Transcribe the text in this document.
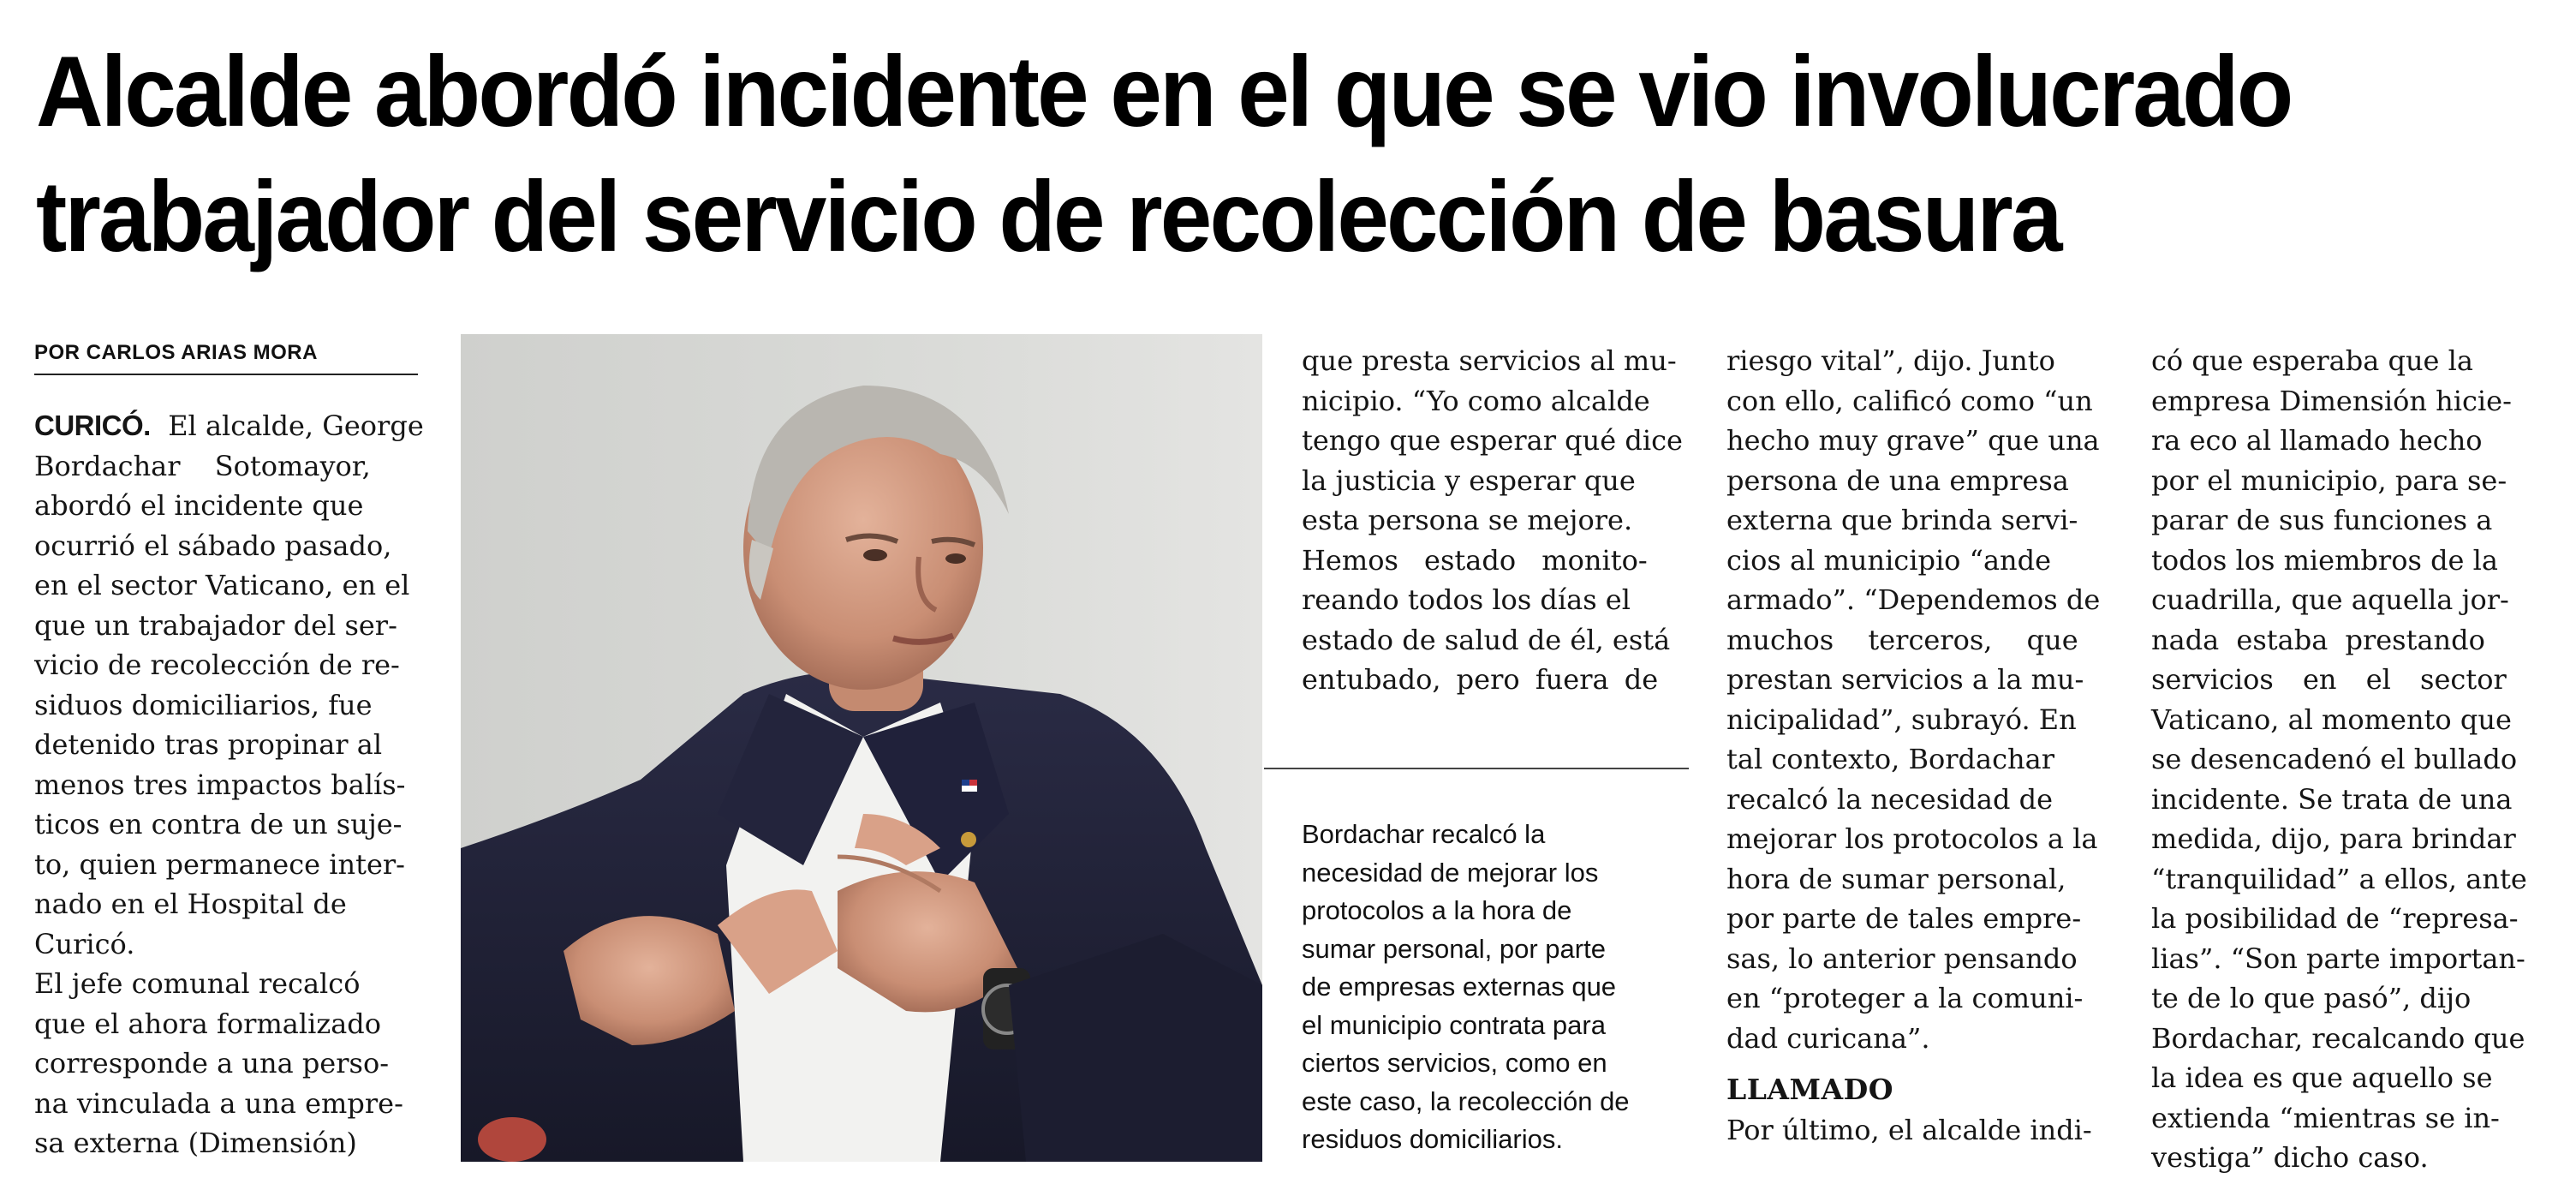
Alcalde abordó incidente en el que se vio involucrado
trabajador del servicio de recolección de basura
POR CARLOS ARIAS MORA
CURICÓ. El alcalde, George
Bordachar Sotomayor,
abordó el incidente que
ocurrió el sábado pasado,
en el sector Vaticano, en el
que un trabajador del ser-
vicio de recolección de re-
siduos domiciliarios, fue
detenido tras propinar al
menos tres impactos balís-
ticos en contra de un suje-
to, quien permanece inter-
nado en el Hospital de
Curicó.
El jefe comunal recalcó
que el ahora formalizado
corresponde a una perso-
na vinculada a una empre-
sa externa (Dimensión)
que presta servicios al mu-
nicipio. “Yo como alcalde
tengo que esperar qué dice
la justicia y esperar que
esta persona se mejore.
Hemos estado monito-
reando todos los días el
estado de salud de él, está
entubado, pero fuera de
Bordachar recalcó la
necesidad de mejorar los
protocolos a la hora de
sumar personal, por parte
de empresas externas que
el municipio contrata para
ciertos servicios, como en
este caso, la recolección de
residuos domiciliarios.
riesgo vital”, dijo. Junto
con ello, calificó como “un
hecho muy grave” que una
persona de una empresa
externa que brinda servi-
cios al municipio “ande
armado”. “Dependemos de
muchos terceros, que
prestan servicios a la mu-
nicipalidad”, subrayó. En
tal contexto, Bordachar
recalcó la necesidad de
mejorar los protocolos a la
hora de sumar personal,
por parte de tales empre-
sas, lo anterior pensando
en “proteger a la comuni-
dad curicana”.
LLAMADO
Por último, el alcalde indi-
có que esperaba que la
empresa Dimensión hicie-
ra eco al llamado hecho
por el municipio, para se-
parar de sus funciones a
todos los miembros de la
cuadrilla, que aquella jor-
nada estaba prestando
servicios en el sector
Vaticano, al momento que
se desencadenó el bullado
incidente. Se trata de una
medida, dijo, para brindar
“tranquilidad” a ellos, ante
la posibilidad de “represa-
lias”. “Son parte importan-
te de lo que pasó”, dijo
Bordachar, recalcando que
la idea es que aquello se
extienda “mientras se in-
vestiga” dicho caso.
